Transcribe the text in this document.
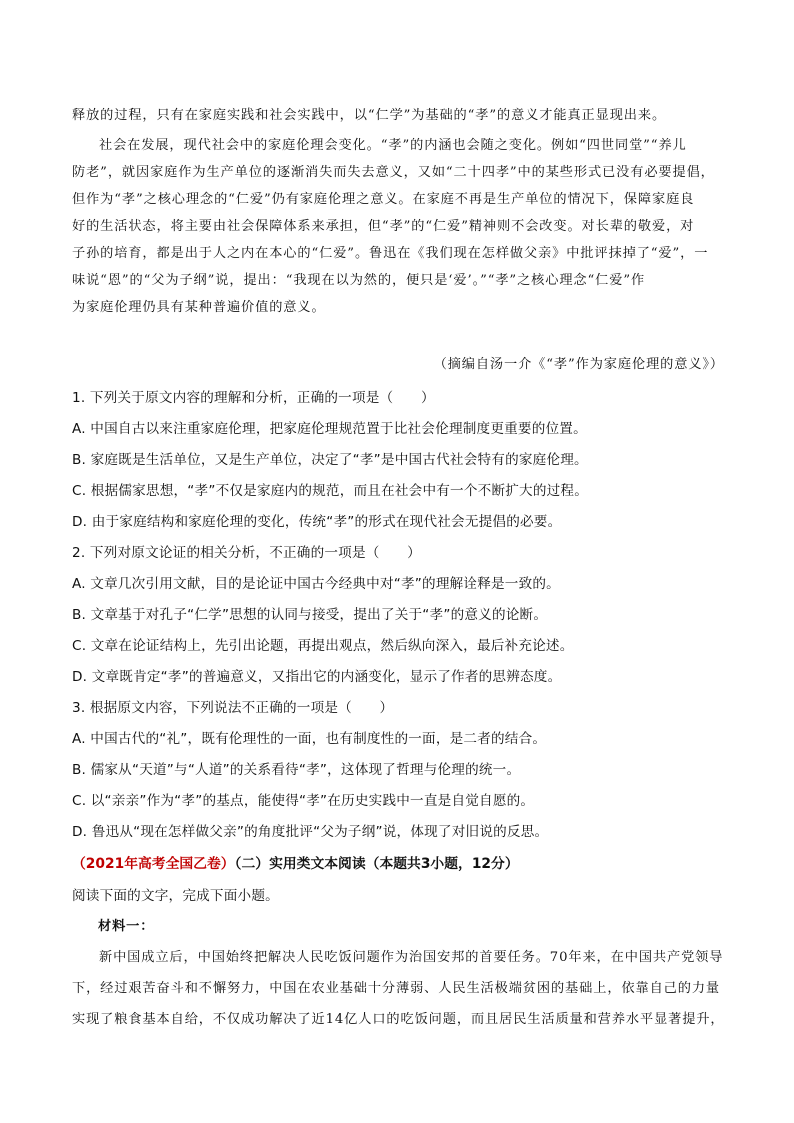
释放的过程，只有在家庭实践和社会实践中，以“仁学”为基础的“孝”的意义才能真正显现出来。
社会在发展，现代社会中的家庭伦理会变化。“孝”的内涵也会随之变化。例如“四世同堂”“养儿
防老”，就因家庭作为生产单位的逐渐消失而失去意义，又如“二十四孝”中的某些形式已没有必要提倡，
但作为“孝”之核心理念的“仁爱”仍有家庭伦理之意义。在家庭不再是生产单位的情况下，保障家庭良
好的生活状态，将主要由社会保障体系来承担，但“孝”的“仁爱”精神则不会改变。对长辈的敬爱，对
子孙的培育，都是出于人之内在本心的“仁爱”。鲁迅在《我们现在怎样做父亲》中批评抹掉了“爱”，一
味说“恩”的“父为子纲”说，提出：“我现在以为然的，便只是‘爱’。”“孝”之核心理念“仁爱”作
为家庭伦理仍具有某种普遍价值的意义。
（摘编自汤一介《“孝”作为家庭伦理的意义》）
1. 下列关于原文内容的理解和分析，正确的一项是（　　）
A. 中国自古以来注重家庭伦理，把家庭伦理规范置于比社会伦理制度更重要的位置。
B. 家庭既是生活单位，又是生产单位，决定了“孝”是中国古代社会特有的家庭伦理。
C. 根据儒家思想，“孝”不仅是家庭内的规范，而且在社会中有一个不断扩大的过程。
D. 由于家庭结构和家庭伦理的变化，传统“孝”的形式在现代社会无提倡的必要。
2. 下列对原文论证的相关分析，不正确的一项是（　　）
A. 文章几次引用文献，目的是论证中国古今经典中对“孝”的理解诠释是一致的。
B. 文章基于对孔子“仁学”思想的认同与接受，提出了关于“孝”的意义的论断。
C. 文章在论证结构上，先引出论题，再提出观点，然后纵向深入，最后补充论述。
D. 文章既肯定“孝”的普遍意义，又指出它的内涵变化，显示了作者的思辨态度。
3. 根据原文内容，下列说法不正确的一项是（　　）
A. 中国古代的“礼”，既有伦理性的一面，也有制度性的一面，是二者的结合。
B. 儒家从“天道”与“人道”的关系看待“孝”，这体现了哲理与伦理的统一。
C. 以“亲亲”作为“孝”的基点，能使得“孝”在历史实践中一直是自觉自愿的。
D. 鲁迅从“现在怎样做父亲”的角度批评“父为子纲”说，体现了对旧说的反思。
（2021年高考全国乙卷）（二）实用类文本阅读（本题共3小题，12分）
阅读下面的文字，完成下面小题。
材料一：
新中国成立后，中国始终把解决人民吃饭问题作为治国安邦的首要任务。70年来，在中国共产党领导
下，经过艰苦奋斗和不懈努力，中国在农业基础十分薄弱、人民生活极端贫困的基础上，依靠自己的力量
实现了粮食基本自给，不仅成功解决了近14亿人口的吃饭问题，而且居民生活质量和营养水平显著提升，
